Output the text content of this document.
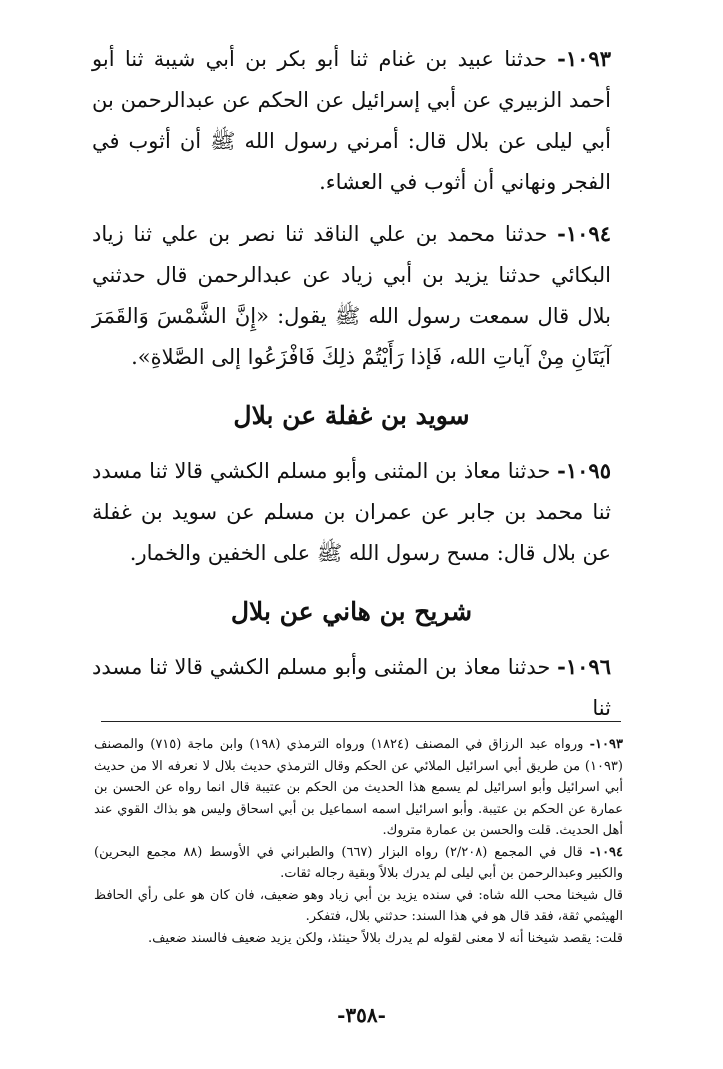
١٠٩٣- حدثنا عبيد بن غنام ثنا أبو بكر بن أبي شيبة ثنا أبو أحمد الزبيري عن أبي إسرائيل عن الحكم عن عبدالرحمن بن أبي ليلى عن بلال قال: أمرني رسول الله ﷺ أن أثوب في الفجر ونهاني أن أثوب في العشاء.

١٠٩٤- حدثنا محمد بن علي الناقد ثنا نصر بن علي ثنا زياد البكائي حدثنا يزيد بن أبي زياد عن عبدالرحمن قال حدثني بلال قال سمعت رسول الله ﷺ يقول: «إِنَّ الشَّمْسَ وَالقَمَرَ آيَتَانِ مِنْ آياتِ الله، فَإذا رَأَيْتُمْ ذلِكَ فَافْزَعُوا إلى الصَّلاةِ».

سويد بن غفلة عن بلال

١٠٩٥- حدثنا معاذ بن المثنى وأبو مسلم الكشي قالا ثنا مسدد ثنا محمد بن جابر عن عمران بن مسلم عن سويد بن غفلة عن بلال قال: مسح رسول الله ﷺ على الخفين والخمار.

شريح بن هاني عن بلال

١٠٩٦- حدثنا معاذ بن المثنى وأبو مسلم الكشي قالا ثنا مسدد ثنا

١٠٩٣- ورواه عبد الرزاق في المصنف (١٨٢٤) ورواه الترمذي (١٩٨) وابن ماجة (٧١٥) والمصنف (١٠٩٣) من طريق أبي اسرائيل الملائي عن الحكم وقال الترمذي حديث بلال لا نعرفه الا من حديث أبي اسرائيل وأبو اسرائيل لم يسمع هذا الحديث من الحكم بن عتيبة قال انما رواه عن الحسن بن عمارة عن الحكم بن عتيبة. وأبو اسرائيل اسمه اسماعيل بن أبي اسحاق وليس هو بذاك القوي عند أهل الحديث. قلت والحسن بن عمارة متروك.

١٠٩٤- قال في المجمع (٢/٢٠٨) رواه البزار (٦٦٧) والطبراني في الأوسط (٨٨ مجمع البحرين) والكبير وعبدالرحمن بن أبي ليلى لم يدرك بلالاً وبقية رجاله ثقات.

قال شيخنا محب الله شاه: في سنده يزيد بن أبي زياد وهو ضعيف، فان كان هو على رأي الحافظ الهيثمي ثقة، فقد قال هو في هذا السند: حدثني بلال، فتفكر.

قلت: يقصد شيخنا أنه لا معنى لقوله لم يدرك بلالاً حينئذ، ولكن يزيد ضعيف فالسند ضعيف.

-٣٥٨-
